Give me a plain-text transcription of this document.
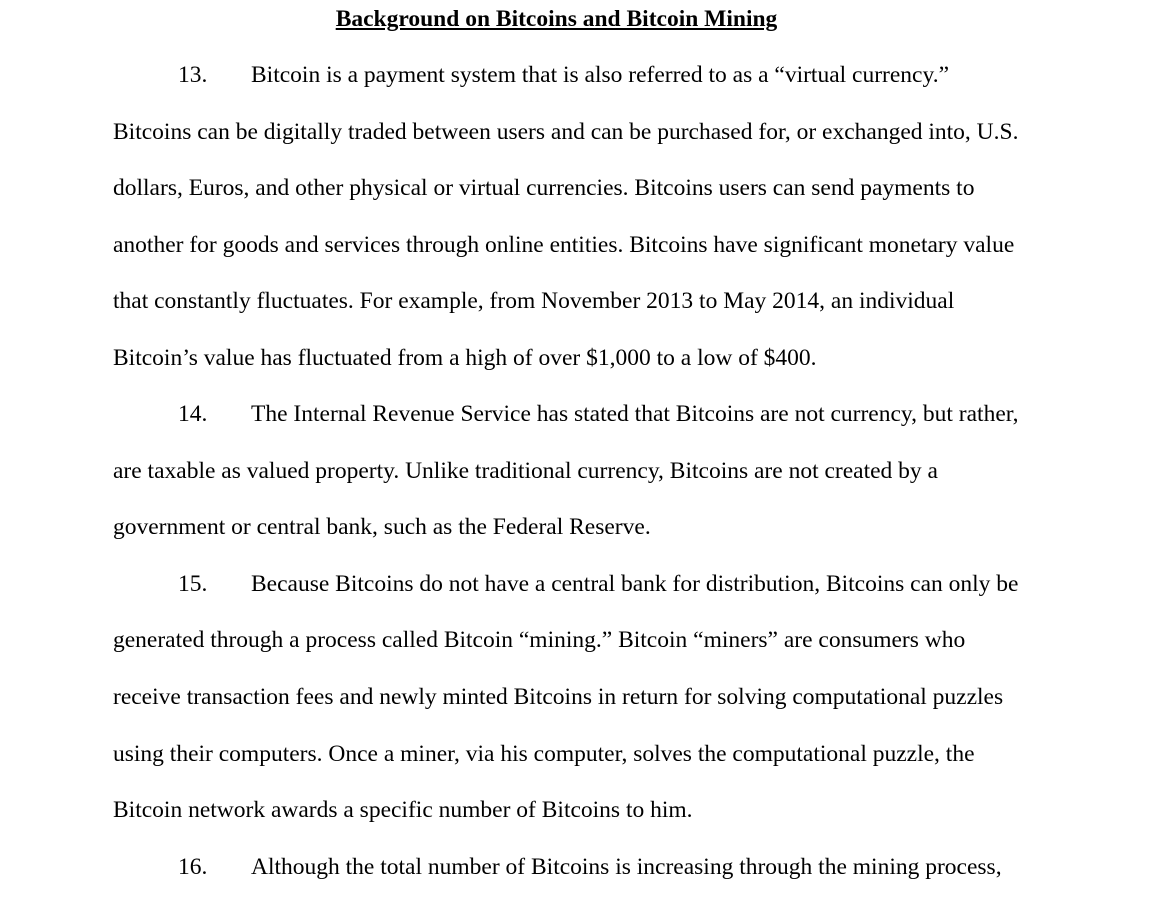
Background on Bitcoins and Bitcoin Mining
13. Bitcoin is a payment system that is also referred to as a “virtual currency.”
Bitcoins can be digitally traded between users and can be purchased for, or exchanged into, U.S.
dollars, Euros, and other physical or virtual currencies. Bitcoins users can send payments to
another for goods and services through online entities. Bitcoins have significant monetary value
that constantly fluctuates. For example, from November 2013 to May 2014, an individual
Bitcoin’s value has fluctuated from a high of over $1,000 to a low of $400.
14. The Internal Revenue Service has stated that Bitcoins are not currency, but rather,
are taxable as valued property. Unlike traditional currency, Bitcoins are not created by a
government or central bank, such as the Federal Reserve.
15. Because Bitcoins do not have a central bank for distribution, Bitcoins can only be
generated through a process called Bitcoin “mining.” Bitcoin “miners” are consumers who
receive transaction fees and newly minted Bitcoins in return for solving computational puzzles
using their computers. Once a miner, via his computer, solves the computational puzzle, the
Bitcoin network awards a specific number of Bitcoins to him.
16. Although the total number of Bitcoins is increasing through the mining process,
